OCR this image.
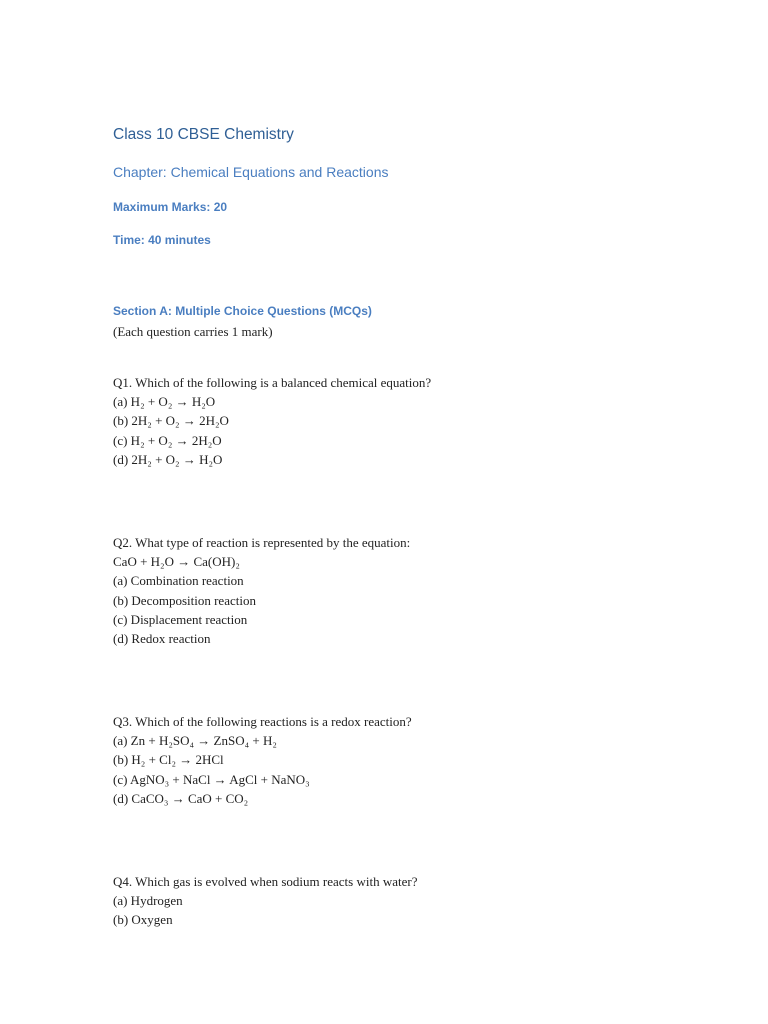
Class 10 CBSE Chemistry
Chapter: Chemical Equations and Reactions
Maximum Marks: 20
Time: 40 minutes
Section A: Multiple Choice Questions (MCQs)
(Each question carries 1 mark)
Q1. Which of the following is a balanced chemical equation?
(a) H₂ + O₂ → H₂O
(b) 2H₂ + O₂ → 2H₂O
(c) H₂ + O₂ → 2H₂O
(d) 2H₂ + O₂ → H₂O
Q2. What type of reaction is represented by the equation:
CaO + H₂O → Ca(OH)₂
(a) Combination reaction
(b) Decomposition reaction
(c) Displacement reaction
(d) Redox reaction
Q3. Which of the following reactions is a redox reaction?
(a) Zn + H₂SO₄ → ZnSO₄ + H₂
(b) H₂ + Cl₂ → 2HCl
(c) AgNO₃ + NaCl → AgCl + NaNO₃
(d) CaCO₃ → CaO + CO₂
Q4. Which gas is evolved when sodium reacts with water?
(a) Hydrogen
(b) Oxygen
